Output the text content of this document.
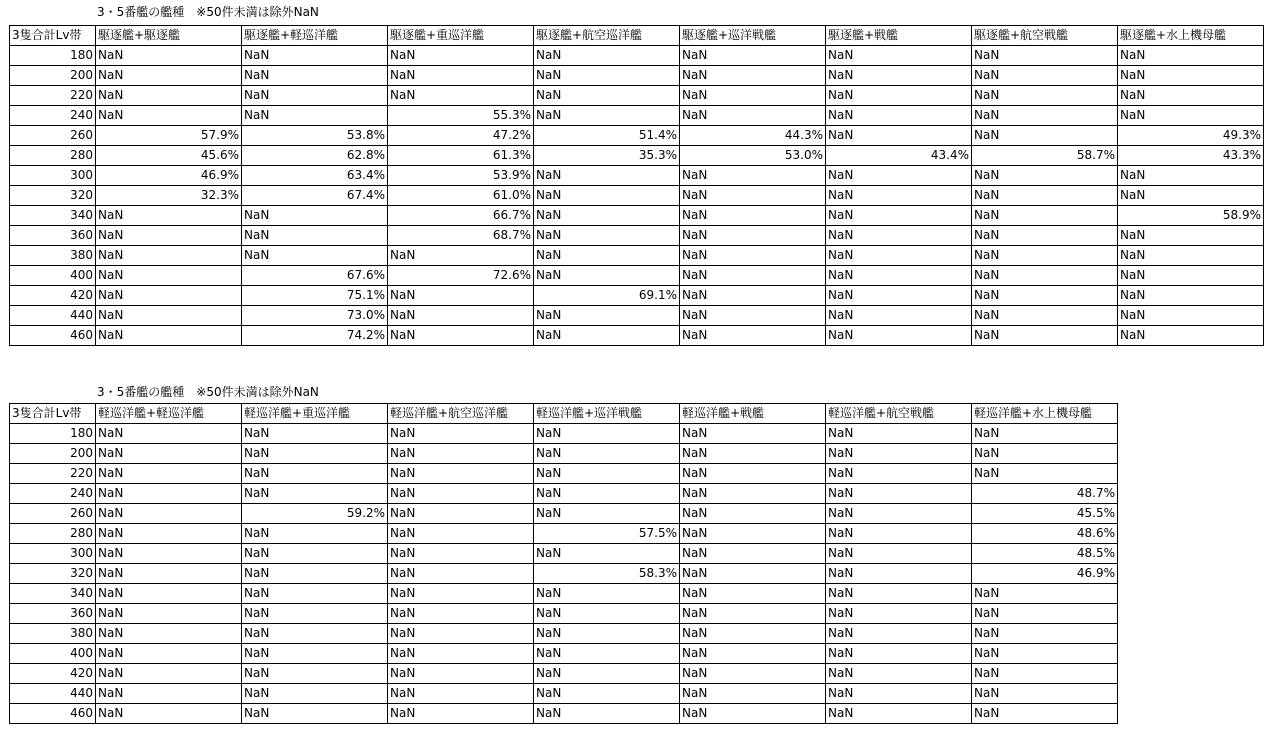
3・5番艦の艦種　※50件未満は除外NaN
3隻合計Lv帯	駆逐艦+駆逐艦	駆逐艦+軽巡洋艦	駆逐艦+重巡洋艦	駆逐艦+航空巡洋艦	駆逐艦+巡洋戦艦	駆逐艦+戦艦	駆逐艦+航空戦艦	駆逐艦+水上機母艦
180	NaN	NaN	NaN	NaN	NaN	NaN	NaN	NaN
200	NaN	NaN	NaN	NaN	NaN	NaN	NaN	NaN
220	NaN	NaN	NaN	NaN	NaN	NaN	NaN	NaN
240	NaN	NaN	55.3%	NaN	NaN	NaN	NaN	NaN
260	57.9%	53.8%	47.2%	51.4%	44.3%	NaN	NaN	49.3%
280	45.6%	62.8%	61.3%	35.3%	53.0%	43.4%	58.7%	43.3%
300	46.9%	63.4%	53.9%	NaN	NaN	NaN	NaN	NaN
320	32.3%	67.4%	61.0%	NaN	NaN	NaN	NaN	NaN
340	NaN	NaN	66.7%	NaN	NaN	NaN	NaN	58.9%
360	NaN	NaN	68.7%	NaN	NaN	NaN	NaN	NaN
380	NaN	NaN	NaN	NaN	NaN	NaN	NaN	NaN
400	NaN	67.6%	72.6%	NaN	NaN	NaN	NaN	NaN
420	NaN	75.1%	NaN	69.1%	NaN	NaN	NaN	NaN
440	NaN	73.0%	NaN	NaN	NaN	NaN	NaN	NaN
460	NaN	74.2%	NaN	NaN	NaN	NaN	NaN	NaN
3・5番艦の艦種　※50件未満は除外NaN
3隻合計Lv帯	軽巡洋艦+軽巡洋艦	軽巡洋艦+重巡洋艦	軽巡洋艦+航空巡洋艦	軽巡洋艦+巡洋戦艦	軽巡洋艦+戦艦	軽巡洋艦+航空戦艦	軽巡洋艦+水上機母艦
180	NaN	NaN	NaN	NaN	NaN	NaN	NaN
200	NaN	NaN	NaN	NaN	NaN	NaN	NaN
220	NaN	NaN	NaN	NaN	NaN	NaN	NaN
240	NaN	NaN	NaN	NaN	NaN	NaN	48.7%
260	NaN	59.2%	NaN	NaN	NaN	NaN	45.5%
280	NaN	NaN	NaN	57.5%	NaN	NaN	48.6%
300	NaN	NaN	NaN	NaN	NaN	NaN	48.5%
320	NaN	NaN	NaN	58.3%	NaN	NaN	46.9%
340	NaN	NaN	NaN	NaN	NaN	NaN	NaN
360	NaN	NaN	NaN	NaN	NaN	NaN	NaN
380	NaN	NaN	NaN	NaN	NaN	NaN	NaN
400	NaN	NaN	NaN	NaN	NaN	NaN	NaN
420	NaN	NaN	NaN	NaN	NaN	NaN	NaN
440	NaN	NaN	NaN	NaN	NaN	NaN	NaN
460	NaN	NaN	NaN	NaN	NaN	NaN	NaN
